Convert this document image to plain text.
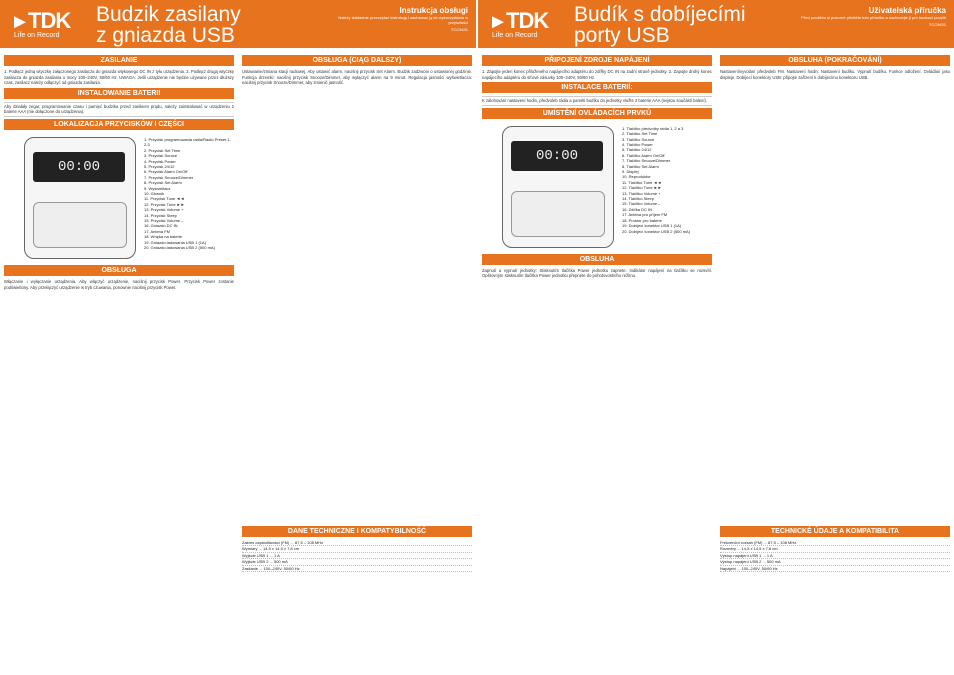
TDK
Life on Record
Budzik zasilany
z gniazda USB
Instrukcja obsługi
Należy dokładnie przeczytać instrukcję i zachować ją do wykorzystania w przyszłości
TCC9431	TDK
Life on Record
Budík s dobíjecími
porty USB
Uživatelská příručka
Před použitím si pozorně přečtěte tuto příručku a uschovejte ji pro budoucí použití
TCC9431
ZASILANIE
1. Podłącz jedną wtyczkę załączonego zasilacza do gniazda wtykowego DC IN z tyłu urządzenia. 2. Podłącz drugą wtyczkę zasilacza do gniazda zasilania o mocy 100–240V, 50/60 Hz. UWAGA: Jeśli urządzenie nie będzie używane przez dłuższy czas, zasilacz należy odłączyć od gniazda zasilania.
INSTALOWANIE BATERII
Aby działały zegar, programowanie czasu i pamięć budzika przed zanikiem prądu, należy zainstalować w urządzeniu 2 baterie AAA (nie dołączone do urządzenia).
LOKALIZACJA PRZYCISKÓW I CZĘŚCI
00:00
1. Przycisk programowania radia/Radio Preset 1-2-3
2. Przycisk Set Time
3. Przycisk Source
4. Przycisk Power
5. Przycisk 24/12
6. Przycisk Alarm On/Off
7. Przycisk Snooze/Dimmer
8. Przycisk Set Alarm
9. Wyświetlacz
10. Głośnik
11. Przycisk Tune ◄◄
12. Przycisk Tune ►►
13. Przycisk Volume +
14. Przycisk Sleep
15. Przycisk Volume –
16. Gniazdo DC IN
17. Antena FM
18. Wnęka na baterie
19. Gniazdo ładowania USB 1 (1A)
20. Gniazdo ładowania USB 2 (500 mA)
OBSŁUGA
Włączanie i wyłączanie urządzenia. Aby włączyć urządzenie, naciśnij przycisk Power. Przycisk Power zostanie podświetlony. Aby przełączyć urządzenie w tryb czuwania, ponownie naciśnij przycisk Power.
OBSŁUGA (CIĄG DALSZY)
Ustawianie/zmiana stacji radiowej. Aby ustawić alarm, naciśnij przycisk Set Alarm. Budzik zadzwoni o ustawionej godzinie. Funkcja drzemki: naciśnij przycisk Snooze/Dimmer, aby wyłączyć alarm na 9 minut. Regulacja jasności wyświetlacza: naciśnij przycisk Snooze/Dimmer, aby zmienić jasność.
DANE TECHNICZNE I KOMPATYBILNOŚĆ
Zakres częstotliwości (FM) ... 87,5 – 108 MHz
Wymiary ... 14,5 x 14,5 x 7,8 cm
Wyjście USB 1 ... 1 A
Wyjście USB 2 ... 500 mA
Zasilanie ... 100–240V, 50/60 Hz
PŘIPOJENÍ ZDROJE NAPÁJENÍ
1. Zapojte jeden konec přiloženého napájecího adaptéru do zdířky DC IN na zadní straně jednotky. 2. Zapojte druhý konec napájecího adaptéru do síťové zásuvky 100–240V, 50/60 Hz.
INSTALACE BATERIÍ:
K zálohování nastavení hodin, předvoleb rádia a paměti budíku do jednotky vložte 2 baterie AAA (nejsou součástí balení).
UMÍSTĚNÍ OVLÁDACÍCH PRVKŮ
00:00
1. Tlačítko předvolby rádia 1, 2 a 3
2. Tlačítko Set Time
3. Tlačítko Source
4. Tlačítko Power
5. Tlačítko 24/12
6. Tlačítko Alarm On/Off
7. Tlačítko Snooze/Dimmer
8. Tlačítko Set Alarm
9. Displej
10. Reproduktor
11. Tlačítko Tune ◄◄
12. Tlačítko Tune ►►
13. Tlačítko Volume +
14. Tlačítko Sleep
15. Tlačítko Volume –
16. Zdířka DC IN
17. Anténa pro příjem FM
18. Prostor pro baterie
19. Dobíjecí konektor USB 1 (1A)
20. Dobíjecí konektor USB 2 (500 mA)
OBSLUHA
Zapnutí a vypnutí jednotky: Stisknutím tlačítka Power jednotku zapnete. Indikátor napájení na tlačítku se rozsvítí. Opětovným stisknutím tlačítka Power jednotku přepnete do pohotovostního režimu.
OBSLUHA (POKRAČOVÁNÍ)
Nastavení/vyvolání předvoleb FM. Nastavení hodin. Nastavení budíku. Vypnutí budíku. Funkce odložení. Ovládání jasu displeje. Dobíjecí konektory USB: připojte zařízení k dobíjecímu konektoru USB.
TECHNICKÉ ÚDAJE A KOMPATIBILITA
Frekvenční rozsah (FM) ... 87,5 – 108 MHz
Rozměry ... 14,5 x 14,5 x 7,8 cm
Výstup napájení USB 1 ... 1 A
Výstup napájení USB 2 ... 500 mA
Napájení ... 100–240V, 50/60 Hz
